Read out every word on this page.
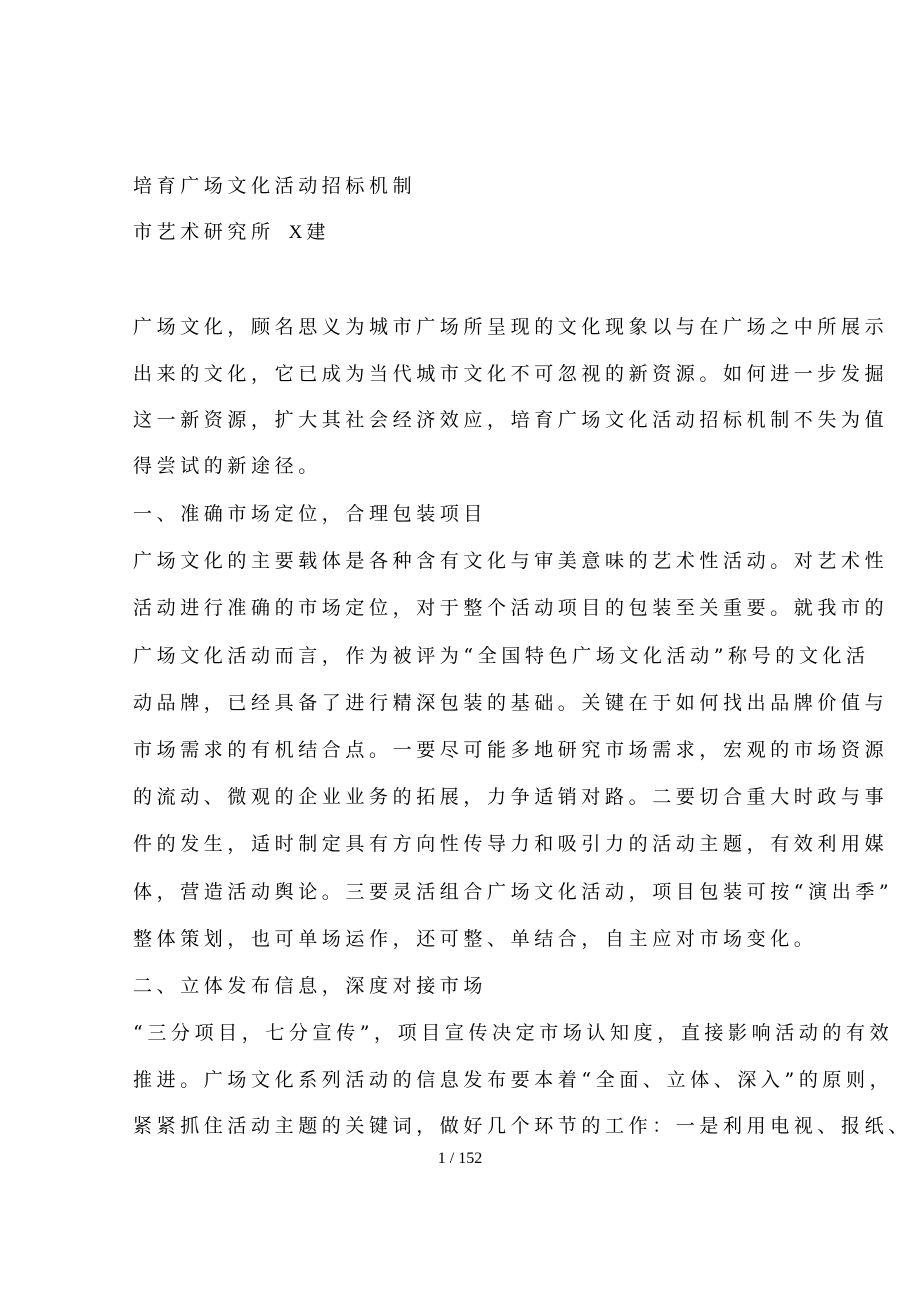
培育广场文化活动招标机制
市艺术研究所 X 建
广场文化，顾名思义为城市广场所呈现的文化现象以与在广场之中所展示
出来的文化，它已成为当代城市文化不可忽视的新资源。如何进一步发掘
这一新资源，扩大其社会经济效应，培育广场文化活动招标机制不失为值
得尝试的新途径。
一、准确市场定位，合理包装项目
广场文化的主要载体是各种含有文化与审美意味的艺术性活动。对艺术性
活动进行准确的市场定位，对于整个活动项目的包装至关重要。就我市的
广场文化活动而言，作为被评为“全国特色广场文化活动”称号的文化活
动品牌，已经具备了进行精深包装的基础。关键在于如何找出品牌价值与
市场需求的有机结合点。一要尽可能多地研究市场需求，宏观的市场资源
的流动、微观的企业业务的拓展，力争适销对路。二要切合重大时政与事
件的发生，适时制定具有方向性传导力和吸引力的活动主题，有效利用媒
体，营造活动舆论。三要灵活组合广场文化活动，项目包装可按“演出季”
整体策划，也可单场运作，还可整、单结合，自主应对市场变化。
二、立体发布信息，深度对接市场
“三分项目，七分宣传”，项目宣传决定市场认知度，直接影响活动的有效
推进。广场文化系列活动的信息发布要本着“全面、立体、深入”的原则，
紧紧抓住活动主题的关键词，做好几个环节的工作：一是利用电视、报纸、
1 / 152
